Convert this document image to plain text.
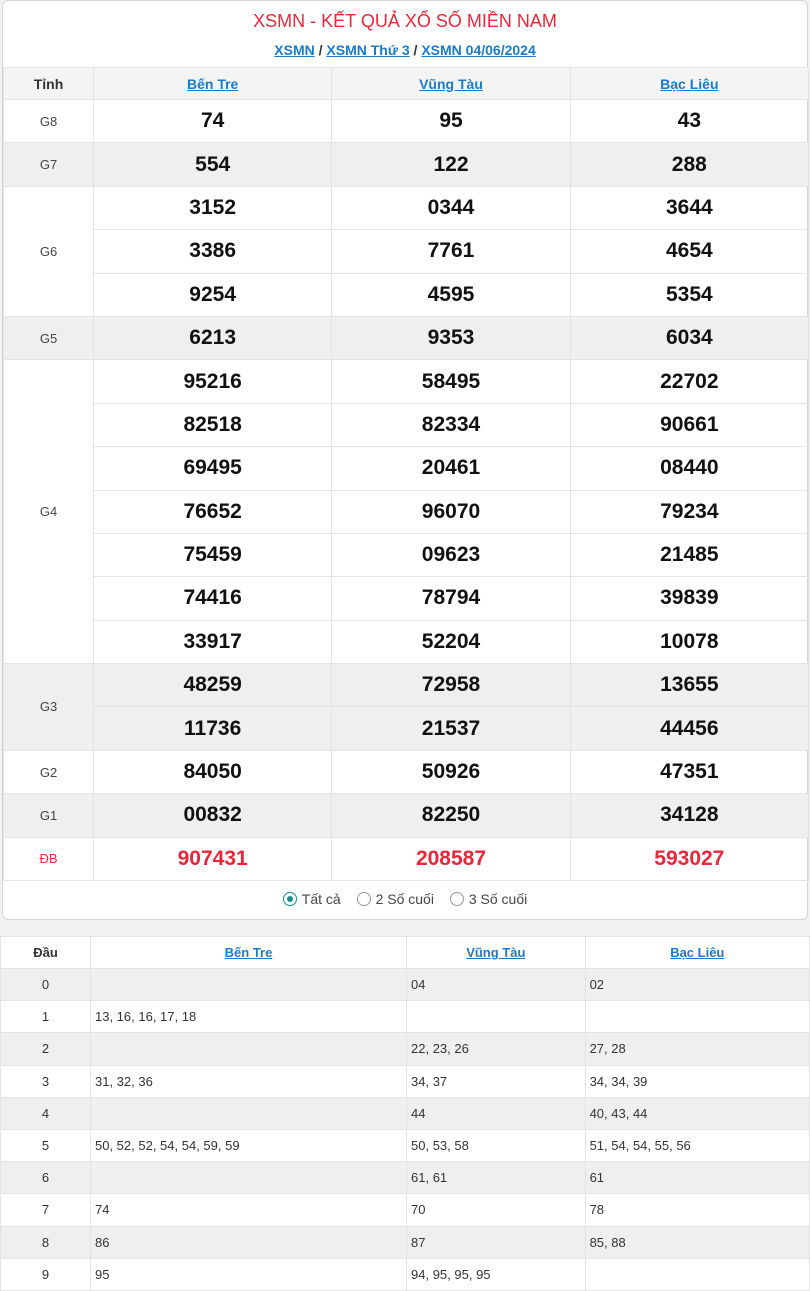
XSMN - KẾT QUẢ XỔ SỐ MIỀN NAM
XSMN / XSMN Thứ 3 / XSMN 04/06/2024
Tỉnh	Bến Tre	Vũng Tàu	Bạc Liêu
G8	74	95	43
G7	554	122	288
G6	3152	0344	3644
	3386	7761	4654
	9254	4595	5354
G5	6213	9353	6034
G4	95216	58495	22702
	82518	82334	90661
	69495	20461	08440
	76652	96070	79234
	75459	09623	21485
	74416	78794	39839
	33917	52204	10078
G3	48259	72958	13655
	11736	21537	44456
G2	84050	50926	47351
G1	00832	82250	34128
ĐB	907431	208587	593027
Tất cả 2 Số cuối 3 Số cuối
Đầu	Bến Tre	Vũng Tàu	Bạc Liêu
0		04	02
1	13, 16, 16, 17, 18		
2		22, 23, 26	27, 28
3	31, 32, 36	34, 37	34, 34, 39
4		44	40, 43, 44
5	50, 52, 52, 54, 54, 59, 59	50, 53, 58	51, 54, 54, 55, 56
6		61, 61	61
7	74	70	78
8	86	87	85, 88
9	95	94, 95, 95, 95	
